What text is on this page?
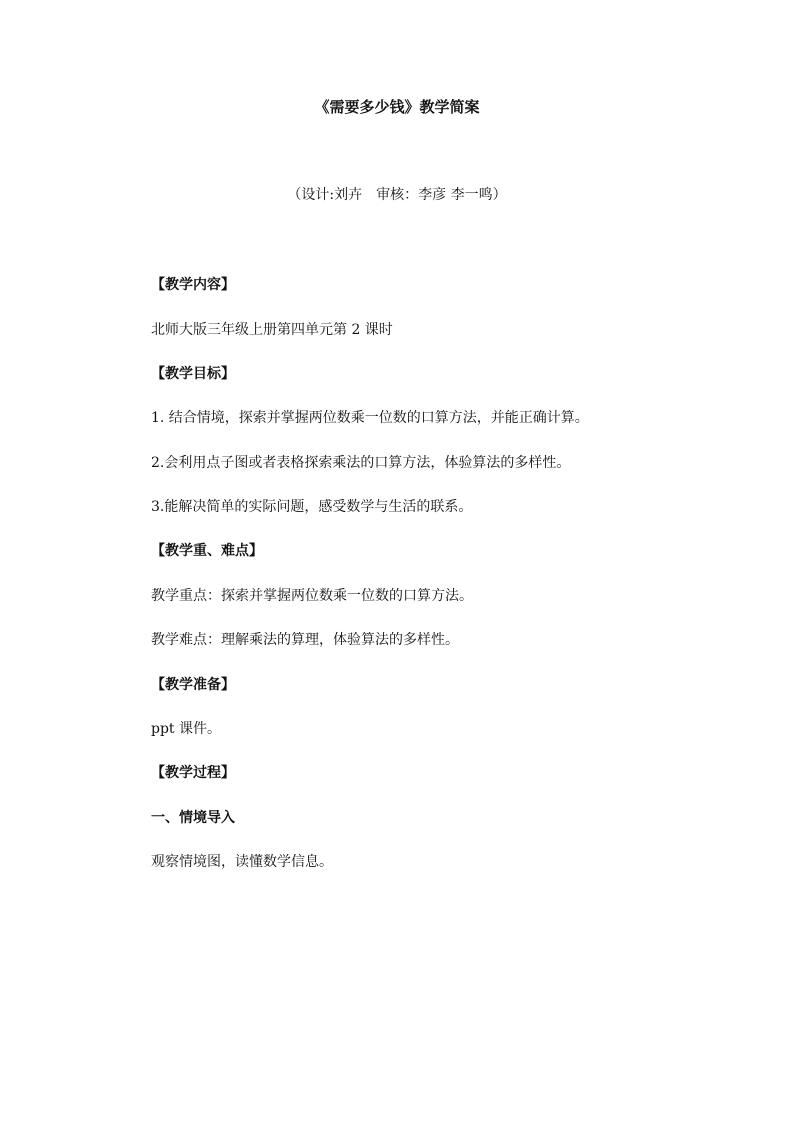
《需要多少钱》教学简案
（设计:刘卉　审核：李彦 李一鸣）
【教学内容】
北师大版三年级上册第四单元第 2 课时
【教学目标】
1. 结合情境，探索并掌握两位数乘一位数的口算方法，并能正确计算。
2.会利用点子图或者表格探索乘法的口算方法，体验算法的多样性。
3.能解决简单的实际问题，感受数学与生活的联系。
【教学重、难点】
教学重点：探索并掌握两位数乘一位数的口算方法。
教学难点：理解乘法的算理，体验算法的多样性。
【教学准备】
ppt 课件。
【教学过程】
一、情境导入
观察情境图，读懂数学信息。
